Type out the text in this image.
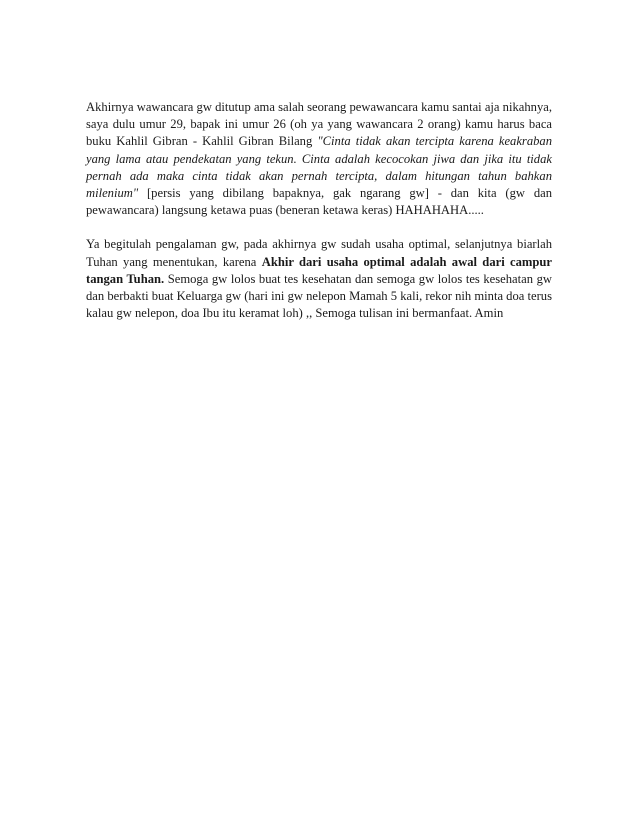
Akhirnya wawancara gw ditutup ama salah seorang pewawancara kamu santai aja nikahnya, saya dulu umur 29, bapak ini umur 26 (oh ya yang wawancara 2 orang) kamu harus baca buku Kahlil Gibran - Kahlil Gibran Bilang "Cinta tidak akan tercipta karena keakraban yang lama atau pendekatan yang tekun. Cinta adalah kecocokan jiwa dan jika itu tidak pernah ada maka cinta tidak akan pernah tercipta, dalam hitungan tahun bahkan milenium" [persis yang dibilang bapaknya, gak ngarang gw] - dan kita (gw dan pewawancara) langsung ketawa puas (beneran ketawa keras) HAHAHAHA.....

Ya begitulah pengalaman gw, pada akhirnya gw sudah usaha optimal, selanjutnya biarlah Tuhan yang menentukan, karena Akhir dari usaha optimal adalah awal dari campur tangan Tuhan. Semoga gw lolos buat tes kesehatan dan semoga gw lolos tes kesehatan gw dan berbakti buat Keluarga gw (hari ini gw nelepon Mamah 5 kali, rekor nih minta doa terus kalau gw nelepon, doa Ibu itu keramat loh) ,, Semoga tulisan ini bermanfaat. Amin
